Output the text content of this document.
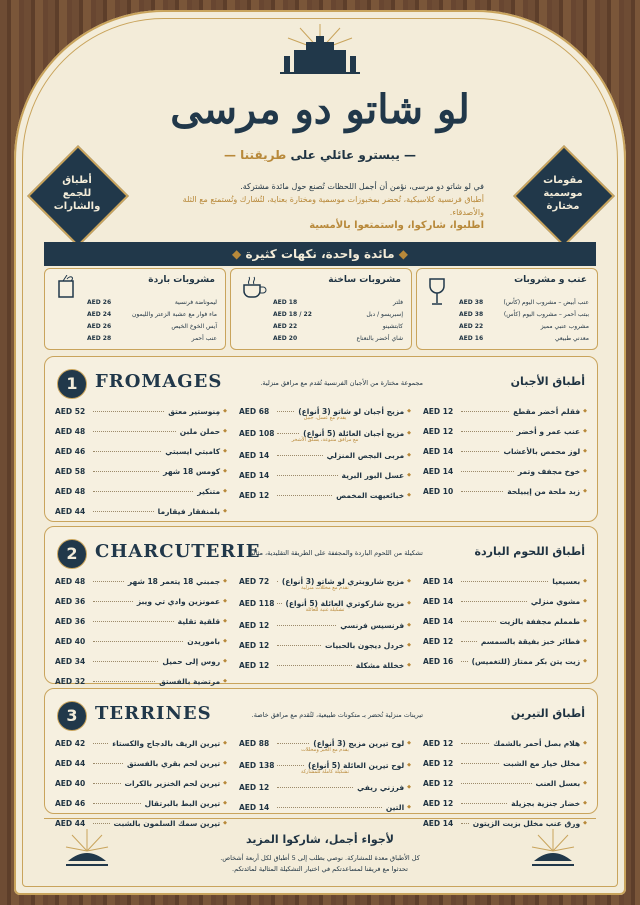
لو شاتو دو مرسى
— يبسترو عائلي على طريقتنا —
في لو شاتو دو مرسى، نؤمن أن أجمل اللحظات تُصنع حول مائدة مشتركة.
أطباق فرنسية كلاسيكية، تُحضر بمخبوزات موسمية ومختارة بعناية، لتُشارك وتُستمتع مع الثلة والأصدقاء.
اطلبوا، شاركوا، واستمتعوا بالأمسية
أطباق
للجمع
والشارات
مقومات
موسمية
مختارة
◆ مائدة واحدة، نكهات كثيرة ◆
مشروبات باردة
AED 26	ليموناضة فرنسية
AED 24	ماء فوار مع عشبة الزعتر والليمون
AED 26	آيس الخوخ الخيص
AED 28	عنب أحمر
مشروبات ساخنة
AED 18	فلتر
AED 18 / 22	إسبريسو / دبل
AED 22	كابتشينو
AED 20	شاي أخضر بالنعناع
عنب و مشروبات
AED 38	عنب أبيض – مشروب اليوم (كأس)
AED 38	ببتب أحمر – مشروب اليوم (كأس)
AED 22	مشروب عنبي مميز
AED 16	معدني طبيعي
1 FROMAGES	مجموعة مختارة من الأجبان الفرنسية تُقدم مع مرافق منزلية.	أطباق الأجبان
AED 52	مِنوستير معتق ◆
AED 48	حملن ملبن ◆
AED 46	كامبتي ايسبتي ◆
AED 58	كومس 18 شهر ◆
AED 48	متنكير ◆
AED 44	بلمنفقار فيقارما ◆
AED 68	مزيج أجبان لو شاتو (3 أنواع) ◆
يقدم مع عسل، جبيل
AED 108	مزيج أجبان العائلة (5 أنواع) ◆
مع مرافق متنوعة، يسلق الأشخر
AED 14	مربى البجص المنزلي ◆
AED 14	عسل البور البرية ◆
AED 12	خبائعيهت المخمص ◆
AED 12	فقلم أخضر مقطع ◆
AED 12	عنب عمر و أخضر ◆
AED 14	لوز محمص بالأعشاب ◆
AED 14	خوخ مجفف وتمر ◆
AED 10	زبد ملحة من إيبيلحة ◆
2 CHARCUTERIE
تشكيلة من اللحوم الباردة والمجففة على الطريقة التقليدية، مثالية	أطباق اللحوم الباردة
AED 48	جمبني 18 يتعمر 18 شهر ◆
AED 36	عمونزين وادي تي ويبز ◆
AED 36	قلقية تقلية ◆
AED 40	باموريدن ◆
AED 34	روس إلى حميل ◆
AED 32	مرتضية بالفستق ◆
AED 72	مزيج شاروبتري لو شاتو (3 أنواع) ◆
تقدم مع مخللات منزلية
AED 118 مزيج شاركوتري العائلة (5 أنواع) ◆
تشكيلة غنية للعائلة
AED 12	فرنسيس فرنسي ◆
AED 12	خردل ديجون بالحبيات ◆
AED 12	خخللة مشكلة ◆
AED 14	بعسيعيا ◆
AED 14	مشوي منزلي ◆
AED 14	طمملم مجففة بالزيت ◆
AED 12	فطائر خبز بفيقة بالسمسم ◆
AED 16	زيت يتن بكر ممتاز (للتغميس) ◆
3 TERRINES	تيرينات منزلية تُحضر بـ متكونات طبيعية، لتُقدم مع مرافق خاصة.	أطباق التيرين
AED 42	تيرين الريف بالدجاج والكستاء ◆
AED 44	تيرين لحم بقري بالفستق ◆
AED 40	تيرين لحم الخنزير بالكرات ◆
AED 46	تيرين البط بالبرتقال ◆
AED 44	تيرين سمك السلمون بالشبت ◆
AED 88	لوح تيرين مزيج (3 أنواع) ◆
يقدم مع الخبز ومخللات
AED 138	لوح تيرين العائلة (5 أنواع) ◆
تشكيلة كاملة للمشاركة
AED 12	فرزني ريفي ◆
AED 14	التين ◆
AED 12	هلام بصل أحمر بالشمك ◆
AED 12	مخلل خيار مع الشبت ◆
AED 12	بعسل العنب ◆
AED 12	خضار جنزية بجزيلة ◆
AED 14	ورق عنب مخلل بزيت الزيتون ◆
لأجواء أجمل، شاركوا المزيد
كل الأطباق معدة للمشاركة. نوصي بطلب إلى 5 أطباق لكل أربعة أشخاص.
تحدثوا مع فريقنا لمساعدتكم في اختيار التشكيلة المثالية لمائدتكم.
